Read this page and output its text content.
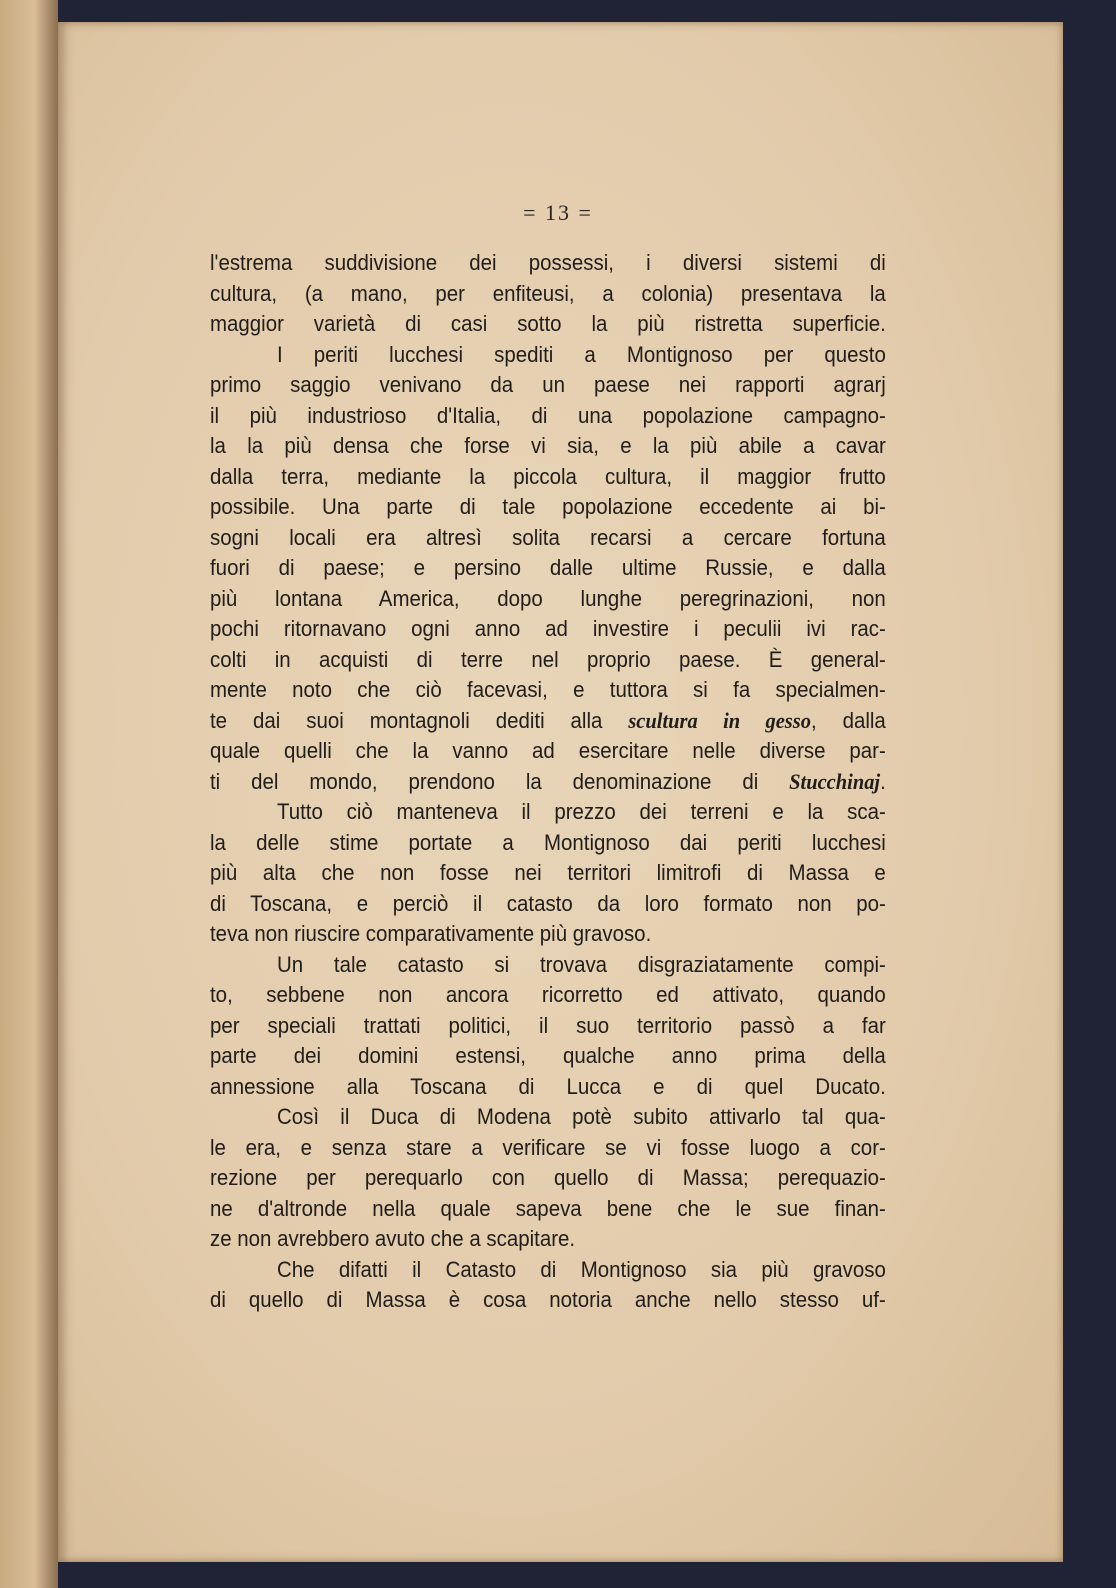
= 13 =
l'estrema suddivisione dei possessi, i diversi sistemi di
cultura, (a mano, per enfiteusi, a colonia) presentava la
maggior varietà di casi sotto la più ristretta superficie.
I periti lucchesi spediti a Montignoso per questo
primo saggio venivano da un paese nei rapporti agrarj
il più industrioso d'Italia, di una popolazione campagno-
la la più densa che forse vi sia, e la più abile a cavar
dalla terra, mediante la piccola cultura, il maggior frutto
possibile. Una parte di tale popolazione eccedente ai bi-
sogni locali era altresì solita recarsi a cercare fortuna
fuori di paese; e persino dalle ultime Russie, e dalla
più lontana America, dopo lunghe peregrinazioni, non
pochi ritornavano ogni anno ad investire i peculii ivi rac-
colti in acquisti di terre nel proprio paese. È general-
mente noto che ciò facevasi, e tuttora si fa specialmen-
te dai suoi montagnoli dediti alla scultura in gesso, dalla
quale quelli che la vanno ad esercitare nelle diverse par-
ti del mondo, prendono la denominazione di Stucchinaj.
Tutto ciò manteneva il prezzo dei terreni e la sca-
la delle stime portate a Montignoso dai periti lucchesi
più alta che non fosse nei territori limitrofi di Massa e
di Toscana, e perciò il catasto da loro formato non po-
teva non riuscire comparativamente più gravoso.
Un tale catasto si trovava disgraziatamente compi-
to, sebbene non ancora ricorretto ed attivato, quando
per speciali trattati politici, il suo territorio passò a far
parte dei domini estensi, qualche anno prima della
annessione alla Toscana di Lucca e di quel Ducato.
Così il Duca di Modena potè subito attivarlo tal qua-
le era, e senza stare a verificare se vi fosse luogo a cor-
rezione per perequarlo con quello di Massa; perequazio-
ne d'altronde nella quale sapeva bene che le sue finan-
ze non avrebbero avuto che a scapitare.
Che difatti il Catasto di Montignoso sia più gravoso
di quello di Massa è cosa notoria anche nello stesso uf-
